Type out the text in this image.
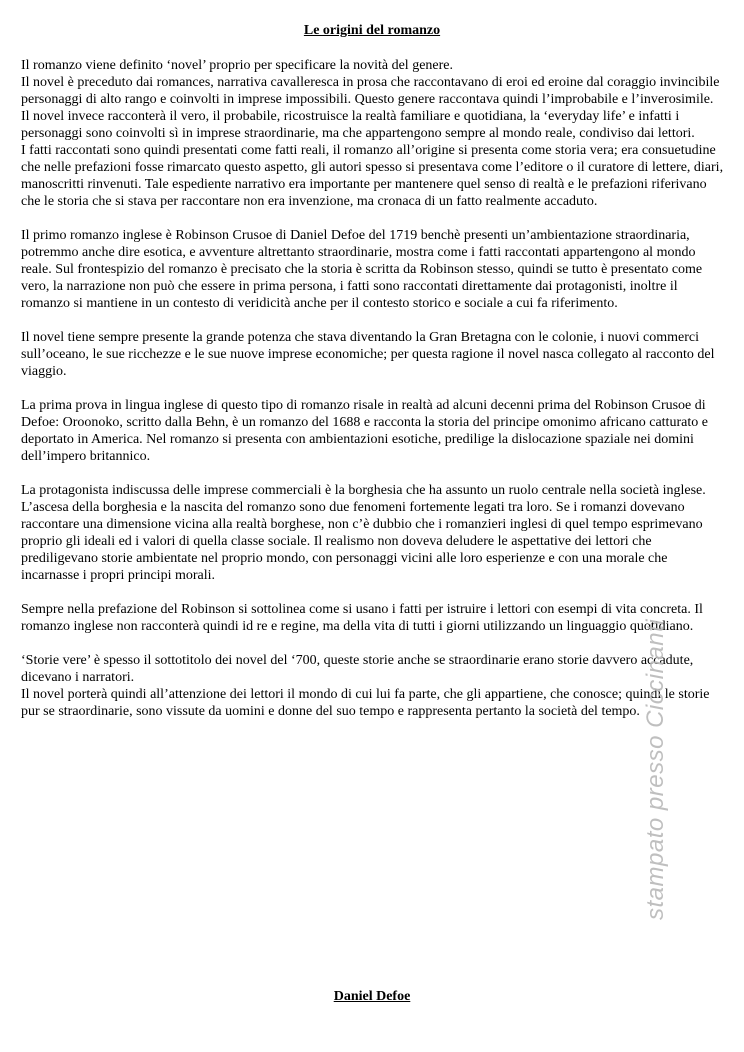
Le origini del romanzo

Il romanzo viene definito ‘novel’ proprio per specificare la novità del genere.

Il novel è preceduto dai romances, narrativa cavalleresca in prosa che raccontavano di eroi ed eroine dal coraggio invincibile personaggi di alto rango e coinvolti in imprese impossibili. Questo genere raccontava quindi l’improbabile e l’inverosimile.

Il novel invece racconterà il vero, il probabile, ricostruisce la realtà familiare e quotidiana, la ‘everyday life’ e infatti i personaggi sono coinvolti sì in imprese straordinarie, ma che appartengono sempre al mondo reale, condiviso dai lettori.

I fatti raccontati sono quindi presentati come fatti reali, il romanzo all’origine si presenta come storia vera; era consuetudine che nelle prefazioni fosse rimarcato questo aspetto, gli autori spesso si presentava come l’editore o il curatore di lettere, diari, manoscritti rinvenuti. Tale espediente narrativo era importante per mantenere quel senso di realtà e le prefazioni riferivano che le storia che si stava per raccontare non era invenzione, ma cronaca di un fatto realmente accaduto.

Il primo romanzo inglese è Robinson Crusoe di Daniel Defoe del 1719 benchè presenti un’ambientazione straordinaria, potremmo anche dire esotica, e avventure altrettanto straordinarie, mostra come i fatti raccontati appartengono al mondo reale. Sul frontespizio del romanzo è precisato che la storia è scritta da Robinson stesso, quindi se tutto è presentato come vero, la narrazione non può che essere in prima persona, i fatti sono raccontati direttamente dai protagonisti, inoltre il romanzo si mantiene in un contesto di veridicità anche per il contesto storico e sociale a cui fa riferimento.

Il novel tiene sempre presente la grande potenza che stava diventando la Gran Bretagna con le colonie, i nuovi commerci sull’oceano, le sue ricchezze e le sue nuove imprese economiche; per questa ragione il novel nasca collegato al racconto del viaggio.

La prima prova in lingua inglese di questo tipo di romanzo risale in realtà ad alcuni decenni prima del Robinson Crusoe di Defoe: Oroonoko, scritto dalla Behn, è un romanzo del 1688 e racconta la storia del principe omonimo africano catturato e deportato in America. Nel romanzo si presenta con ambientazioni esotiche, predilige la dislocazione spaziale nei domini dell’impero britannico.

La protagonista indiscussa delle imprese commerciali è la borghesia che ha assunto un ruolo centrale nella società inglese. L’ascesa della borghesia e la nascita del romanzo sono due fenomeni fortemente legati tra loro. Se i romanzi dovevano raccontare una dimensione vicina alla realtà borghese, non c’è dubbio che i romanzieri inglesi di quel tempo esprimevano proprio gli ideali ed i valori di quella classe sociale. Il realismo non doveva deludere le aspettative dei lettori che prediligevano storie ambientate nel proprio mondo, con personaggi vicini alle loro esperienze e con una morale che incarnasse i propri principi morali.

Sempre nella prefazione del Robinson si sottolinea come si usano i fatti per istruire i lettori con esempi di vita concreta. Il romanzo inglese non racconterà quindi id re e regine, ma della vita di tutti i giorni utilizzando un linguaggio quotidiano.

‘Storie vere’ è spesso il sottotitolo dei novel del ‘700, queste storie anche se straordinarie erano storie davvero accadute, dicevano i narratori.

Il novel porterà quindi all’attenzione dei lettori il mondo di cui lui fa parte, che gli appartiene, che conosce; quindi le storie pur se straordinarie, sono vissute da uomini e donne del suo tempo e rappresenta pertanto la società del tempo.

Daniel Defoe
stampato presso Ciccinanti
